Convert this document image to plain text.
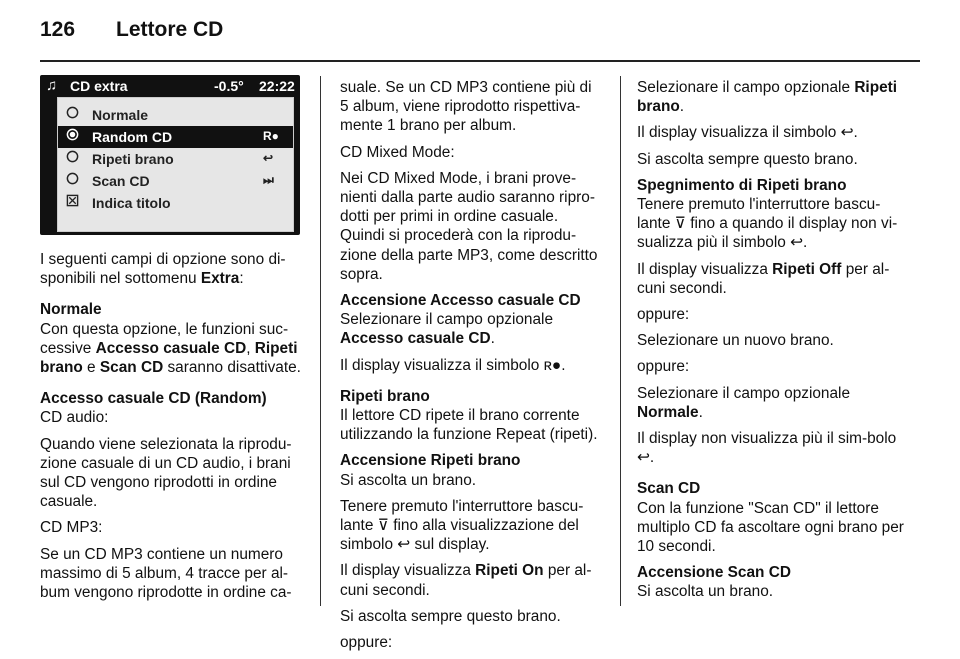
126 Lettore CD
♫ CD extra	-0.5° 22:22
Normale
Random CD	R●
Ripeti brano	↩
Scan CD	⏭
Indica titolo

I seguenti campi di opzione sono di-sponibili nel sottomenu Extra:

Normale

Con questa opzione, le funzioni suc-cessive Accesso casuale CD, Ripeti brano e Scan CD saranno disattivate.

Accesso casuale CD (Random)

CD audio:

Quando viene selezionata la riprodu-zione casuale di un CD audio, i brani sul CD vengono riprodotti in ordine casuale.

CD MP3:

Se un CD MP3 contiene un numero massimo di 5 album, 4 tracce per al-bum vengono riprodotte in ordine ca-

suale. Se un CD MP3 contiene più di 5 album, viene riprodotto rispettiva-mente 1 brano per album.

CD Mixed Mode:

Nei CD Mixed Mode, i brani prove-nienti dalla parte audio saranno ripro-dotti per primi in ordine casuale. Quindi si procederà con la riprodu-zione della parte MP3, come descritto sopra.

Accensione Accesso casuale CD

Selezionare il campo opzionale
Accesso casuale CD.

Il display visualizza il simbolo ʀ●.

Ripeti brano

Il lettore CD ripete il brano corrente utilizzando la funzione Repeat (ripeti).

Accensione Ripeti brano

Si ascolta un brano.

Tenere premuto l'interruttore bascu-lante ⊽ fino alla visualizzazione del simbolo ↩ sul display.

Il display visualizza Ripeti On per al-cuni secondi.

Si ascolta sempre questo brano.

oppure:

Selezionare il campo opzionale Ripeti brano.

Il display visualizza il simbolo ↩.

Si ascolta sempre questo brano.

Spegnimento di Ripeti brano

Tenere premuto l'interruttore bascu-lante ⊽ fino a quando il display non vi-sualizza più il simbolo ↩.

Il display visualizza Ripeti Off per al-cuni secondi.

oppure:

Selezionare un nuovo brano.

oppure:

Selezionare il campo opzionale
Normale.

Il display non visualizza più il sim-bolo ↩.

Scan CD

Con la funzione "Scan CD" il lettore multiplo CD fa ascoltare ogni brano per 10 secondi.

Accensione Scan CD

Si ascolta un brano.
